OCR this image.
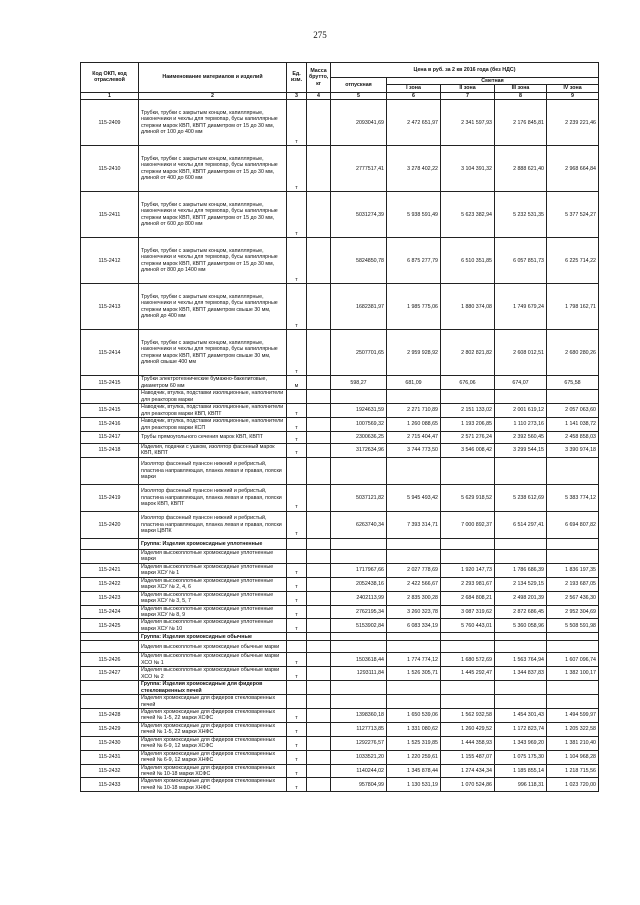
275
Код ОКП, код отраслевой	Наименование материалов и изделий	Ед. изм.	Масса брутто, кг	Цена в руб. за 2 кв 2016 года (без НДС)				
				отпускная	Сметная			
					I зона	II зона	III зона	IV зона
1	2	3	4	5	6	7	8	9
115-2409	Трубки, трубки с закрытым концом, капиллярные, наконечники и чехлы для термопар, бусы капиллярные стержни марок КВП, КВПТ диаметром от 15 до 30 мм, длиной от 100 до 400 мм	т		2093041,69	2 472 651,97	2 341 597,93	2 176 845,81	2 239 221,46
115-2410	Трубки, трубки с закрытым концом, капиллярные, наконечники и чехлы для термопар, бусы капиллярные стержни марок КВП, КВПТ диаметром от 15 до 30 мм, длиной от 400 до 600 мм	т		2777517,41	3 278 402,22	3 104 391,32	2 888 621,40	2 968 664,84
115-2411	Трубки, трубки с закрытым концом, капиллярные, наконечники и чехлы для термопар, бусы капиллярные стержни марок КВП, КВПТ диаметром от 15 до 30 мм, длиной от 600 до 800 мм	т		5031274,39	5 938 591,49	5 623 382,94	5 232 531,35	5 377 524,27
115-2412	Трубки, трубки с закрытым концом, капиллярные, наконечники и чехлы для термопар, бусы капиллярные стержни марок КВП, КВПТ диаметром от 15 до 30 мм, длиной от 800 до 1400 мм	т		5824850,78	6 875 277,79	6 510 351,85	6 057 851,73	6 225 714,22
115-2413	Трубки, трубки с закрытым концом, капиллярные, наконечники и чехлы для термопар, бусы капиллярные стержни марок КВП, КВПТ диаметром свыше 30 мм, длиной до 400 мм	т		1682381,97	1 985 775,06	1 880 374,08	1 749 679,24	1 798 162,71
115-2414	Трубки, трубки с закрытым концом, капиллярные, наконечники и чехлы для термопар, бусы капиллярные стержни марок КВП, КВПТ диаметром свыше 30 мм, длиной свыше 400 мм	т		2507701,65	2 959 928,92	2 802 821,82	2 608 012,51	2 680 280,26
115-2415	Трубки электротехнические бумажно-бакелитовые, диаметром 60 мм	м		598,27	681,09	676,06	674,07	675,58
	Наводчик, втулка, подставки изоляционные, наполнители для реакторов марки							
115-2415	Наводчик, втулка, подставки изоляционные, наполнители для реакторов марки КВП, КВПТ	т		1924631,59	2 271 710,89	2 151 133,02	2 001 619,12	2 057 063,60
115-2416	Наводчик, втулка, подставки изоляционные, наполнители для реакторов марки КСП	т		1007569,32	1 260 088,65	1 193 206,85	1 110 273,16	1 141 038,72
115-2417	Трубы прямоугольного сечения марок КВП, КВПТ	т		2300636,25	2 715 404,47	2 571 276,24	2 392 560,45	2 458 858,03
115-2418	Изделия, подачки с ушком, изолятор фасонный марок КВП, КВПТ	т		3172634,96	3 744 773,50	3 546 008,42	3 299 544,15	3 390 974,18
	Изолятор фасонный пуансон нижний и ребристый, пластина направляющая, планка левая и правая, пояски марки							
115-2419	Изолятор фасонный пуансон нижний и ребристый, пластина направляющая, планка левая и правая, пояски марок КВП, КВПТ	т		5037121,82	5 945 493,42	5 629 918,52	5 238 612,69	5 383 774,12
115-2420	Изолятор фасонный пуансон нижний и ребристый, пластина направляющая, планка левая и правая, пояски марки ЦВПК	т		6263740,34	7 393 314,71	7 000 892,37	6 514 297,41	6 694 807,82
	Группа: Изделия хромоксидные уплотненные							
	Изделия высокоплотные хромоксидные уплотненные марки							
115-2421	Изделия высокоплотные хромоксидные уплотненные марки ХСУ № 1	т		1717967,66	2 027 778,69	1 920 147,73	1 786 686,39	1 836 197,35
115-2422	Изделия высокоплотные хромоксидные уплотненные марки ХСУ № 2, 4, 6	т		2052438,16	2 422 566,67	2 293 981,67	2 134 529,15	2 193 687,05
115-2423	Изделия высокоплотные хромоксидные уплотненные марки ХСУ № 3, 5, 7	т		2402113,99	2 835 300,28	2 684 808,21	2 498 201,39	2 567 436,30
115-2424	Изделия высокоплотные хромоксидные уплотненные марки ХСУ № 8, 9	т		2762195,34	3 260 323,78	3 087 319,62	2 872 686,45	2 952 304,69
115-2425	Изделия высокоплотные хромоксидные уплотненные марки ХСУ № 10	т		5153902,84	6 083 334,19	5 760 443,01	5 360 058,96	5 508 591,98
	Группа: Изделия хромоксидные обычные							
	Изделия высокоплотные хромоксидные обычные марки							
115-2426	Изделия высокоплотные хромоксидные обычные марки ХСО № 1	т		1503618,44	1 774 774,12	1 680 572,69	1 563 764,94	1 607 096,74
115-2427	Изделия высокоплотные хромоксидные обычные марки ХСО № 2	т		1293111,84	1 526 305,71	1 445 292,47	1 344 837,83	1 382 100,17
	Группа: Изделия хромоксидные для фидеров стекловаренных печей							
	Изделия хромоксидные для фидеров стекловаренных печей							
115-2428	Изделия хромоксидные для фидеров стекловаренных печей № 1-5, 22 марки ХСФС	т		1398360,18	1 650 539,06	1 562 932,58	1 454 301,43	1 494 599,97
115-2429	Изделия хромоксидные для фидеров стекловаренных печей № 1-5, 22 марки ХНФС	т		1127713,85	1 331 080,62	1 260 429,52	1 172 823,74	1 205 322,58
115-2430	Изделия хромоксидные для фидеров стекловаренных печей № 6-9, 12 марки ХСФС	т		1292276,57	1 525 319,85	1 444 358,93	1 343 969,20	1 381 210,40
115-2431	Изделия хромоксидные для фидеров стекловаренных печей № 6-9, 12 марки ХНФС	т		1033521,20	1 220 259,61	1 155 487,07	1 075 175,30	1 104 968,28
115-2432	Изделия хромоксидные для фидеров стекловаренных печей № 10-18 марки ХСФС	т		1140244,02	1 345 878,44	1 274 434,34	1 185 855,14	1 218 715,56
115-2433	Изделия хромоксидные для фидеров стекловаренных печей № 10-18 марки ХНФС	т		957804,99	1 130 531,19	1 070 524,86	996 118,31	1 023 720,00
